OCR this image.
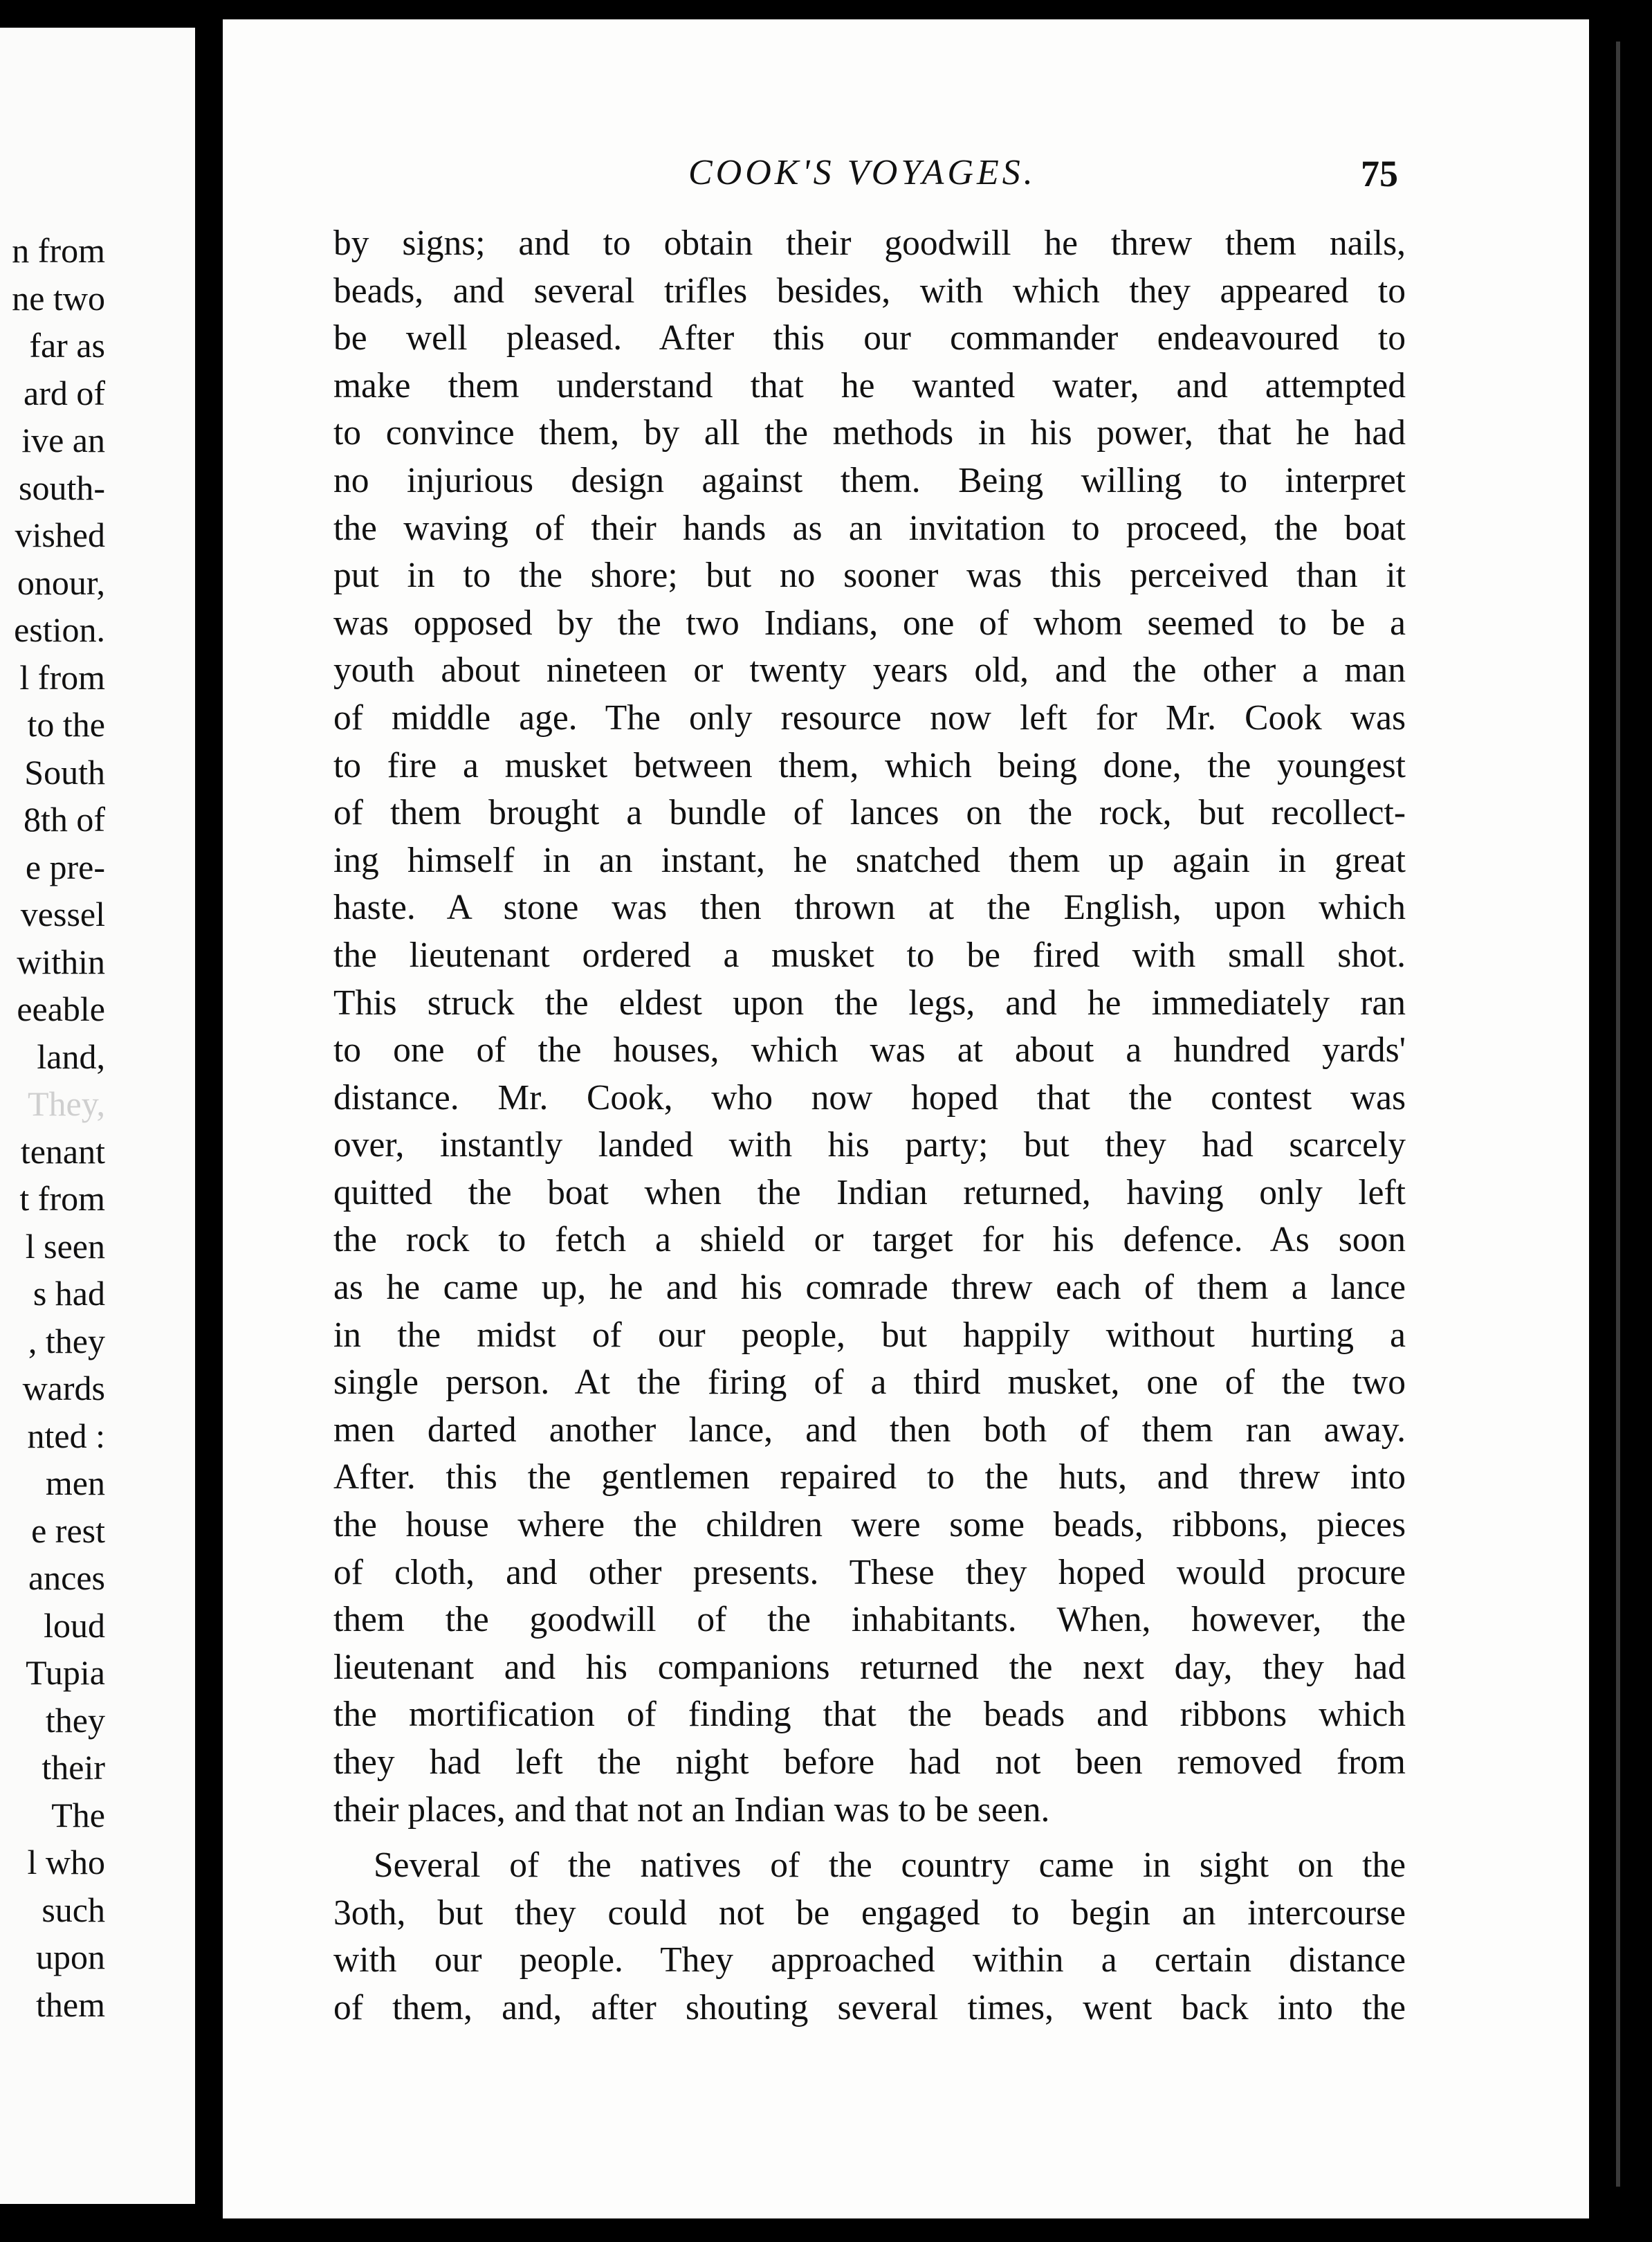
n from
ne two
far as
ard of
ive an
south-
vished
onour,
estion.
l from
to the
South
8th of
e pre-
vessel
within
eeable
land,
They,
tenant
t from
l seen
s had
, they
wards
nted :
men
e rest
ances
loud
Tupia
they
their
The
l who
such
upon
them
COOK'S VOYAGES.	75
by signs; and to obtain their goodwill he threw them nails,
beads, and several trifles besides, with which they appeared to
be well pleased. After this our commander endeavoured to
make them understand that he wanted water, and attempted
to convince them, by all the methods in his power, that he had
no injurious design against them. Being willing to interpret
the waving of their hands as an invitation to proceed, the boat
put in to the shore; but no sooner was this perceived than it
was opposed by the two Indians, one of whom seemed to be a
youth about nineteen or twenty years old, and the other a man
of middle age. The only resource now left for Mr. Cook was
to fire a musket between them, which being done, the youngest
of them brought a bundle of lances on the rock, but recollect-
ing himself in an instant, he snatched them up again in great
haste. A stone was then thrown at the English, upon which
the lieutenant ordered a musket to be fired with small shot.
This struck the eldest upon the legs, and he immediately ran
to one of the houses, which was at about a hundred yards'
distance. Mr. Cook, who now hoped that the contest was
over, instantly landed with his party; but they had scarcely
quitted the boat when the Indian returned, having only left
the rock to fetch a shield or target for his defence. As soon
as he came up, he and his comrade threw each of them a lance
in the midst of our people, but happily without hurting a
single person. At the firing of a third musket, one of the two
men darted another lance, and then both of them ran away.
After. this the gentlemen repaired to the huts, and threw into
the house where the children were some beads, ribbons, pieces
of cloth, and other presents. These they hoped would procure
them the goodwill of the inhabitants. When, however, the
lieutenant and his companions returned the next day, they had
the mortification of finding that the beads and ribbons which
they had left the night before had not been removed from
their places, and that not an Indian was to be seen.
Several of the natives of the country came in sight on the
3oth, but they could not be engaged to begin an intercourse
with our people. They approached within a certain distance
of them, and, after shouting several times, went back into the
